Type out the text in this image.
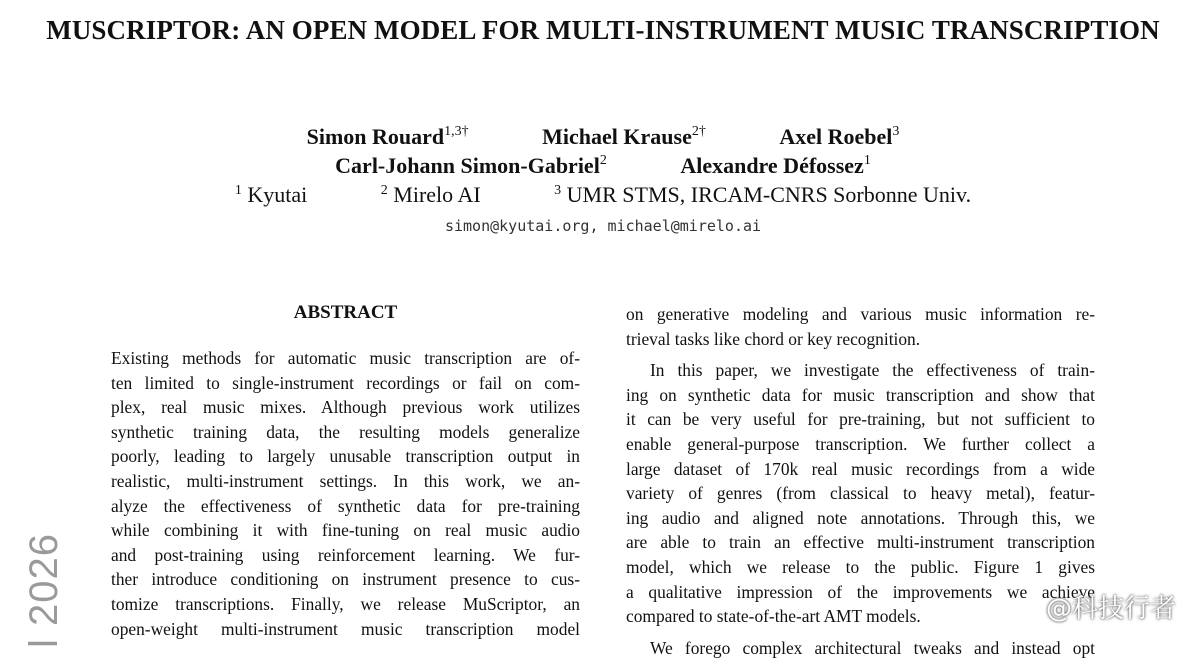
MUSCRIPTOR: AN OPEN MODEL FOR MULTI-INSTRUMENT MUSIC TRANSCRIPTION
Simon Rouard$^{1,3\dagger}$	Michael Krause$^{2\dagger}$	Axel Roebel$^3$
Carl-Johann Simon-Gabriel$^2$	Alexandre Défossez$^1$
$^1$ Kyutai	$^2$ Mirelo AI	$^3$ UMR STMS, IRCAM-CNRS Sorbonne Univ.
simon@kyutai.org, michael@mirelo.ai
ABSTRACT

Existing methods for automatic music transcription are of-

ten limited to single-instrument recordings or fail on com-

plex, real music mixes. Although previous work utilizes

synthetic training data, the resulting models generalize

poorly, leading to largely unusable transcription output in

realistic, multi-instrument settings. In this work, we an-

alyze the effectiveness of synthetic data for pre-training

while combining it with fine-tuning on real music audio

and post-training using reinforcement learning. We fur-

ther introduce conditioning on instrument presence to cus-

tomize transcriptions. Finally, we release MuScriptor, an

open-weight multi-instrument music transcription model

on generative modeling and various music information re-

trieval tasks like chord or key recognition.

In this paper, we investigate the effectiveness of train-

ing on synthetic data for music transcription and show that

it can be very useful for pre-training, but not sufficient to

enable general-purpose transcription. We further collect a

large dataset of 170k real music recordings from a wide

variety of genres (from classical to heavy metal), featur-

ing audio and aligned note annotations. Through this, we

are able to train an effective multi-instrument transcription

model, which we release to the public. Figure 1 gives

a qualitative impression of the improvements we achieve

compared to state-of-the-art AMT models.

We forego complex architectural tweaks and instead opt

l 2026	@科技行者
